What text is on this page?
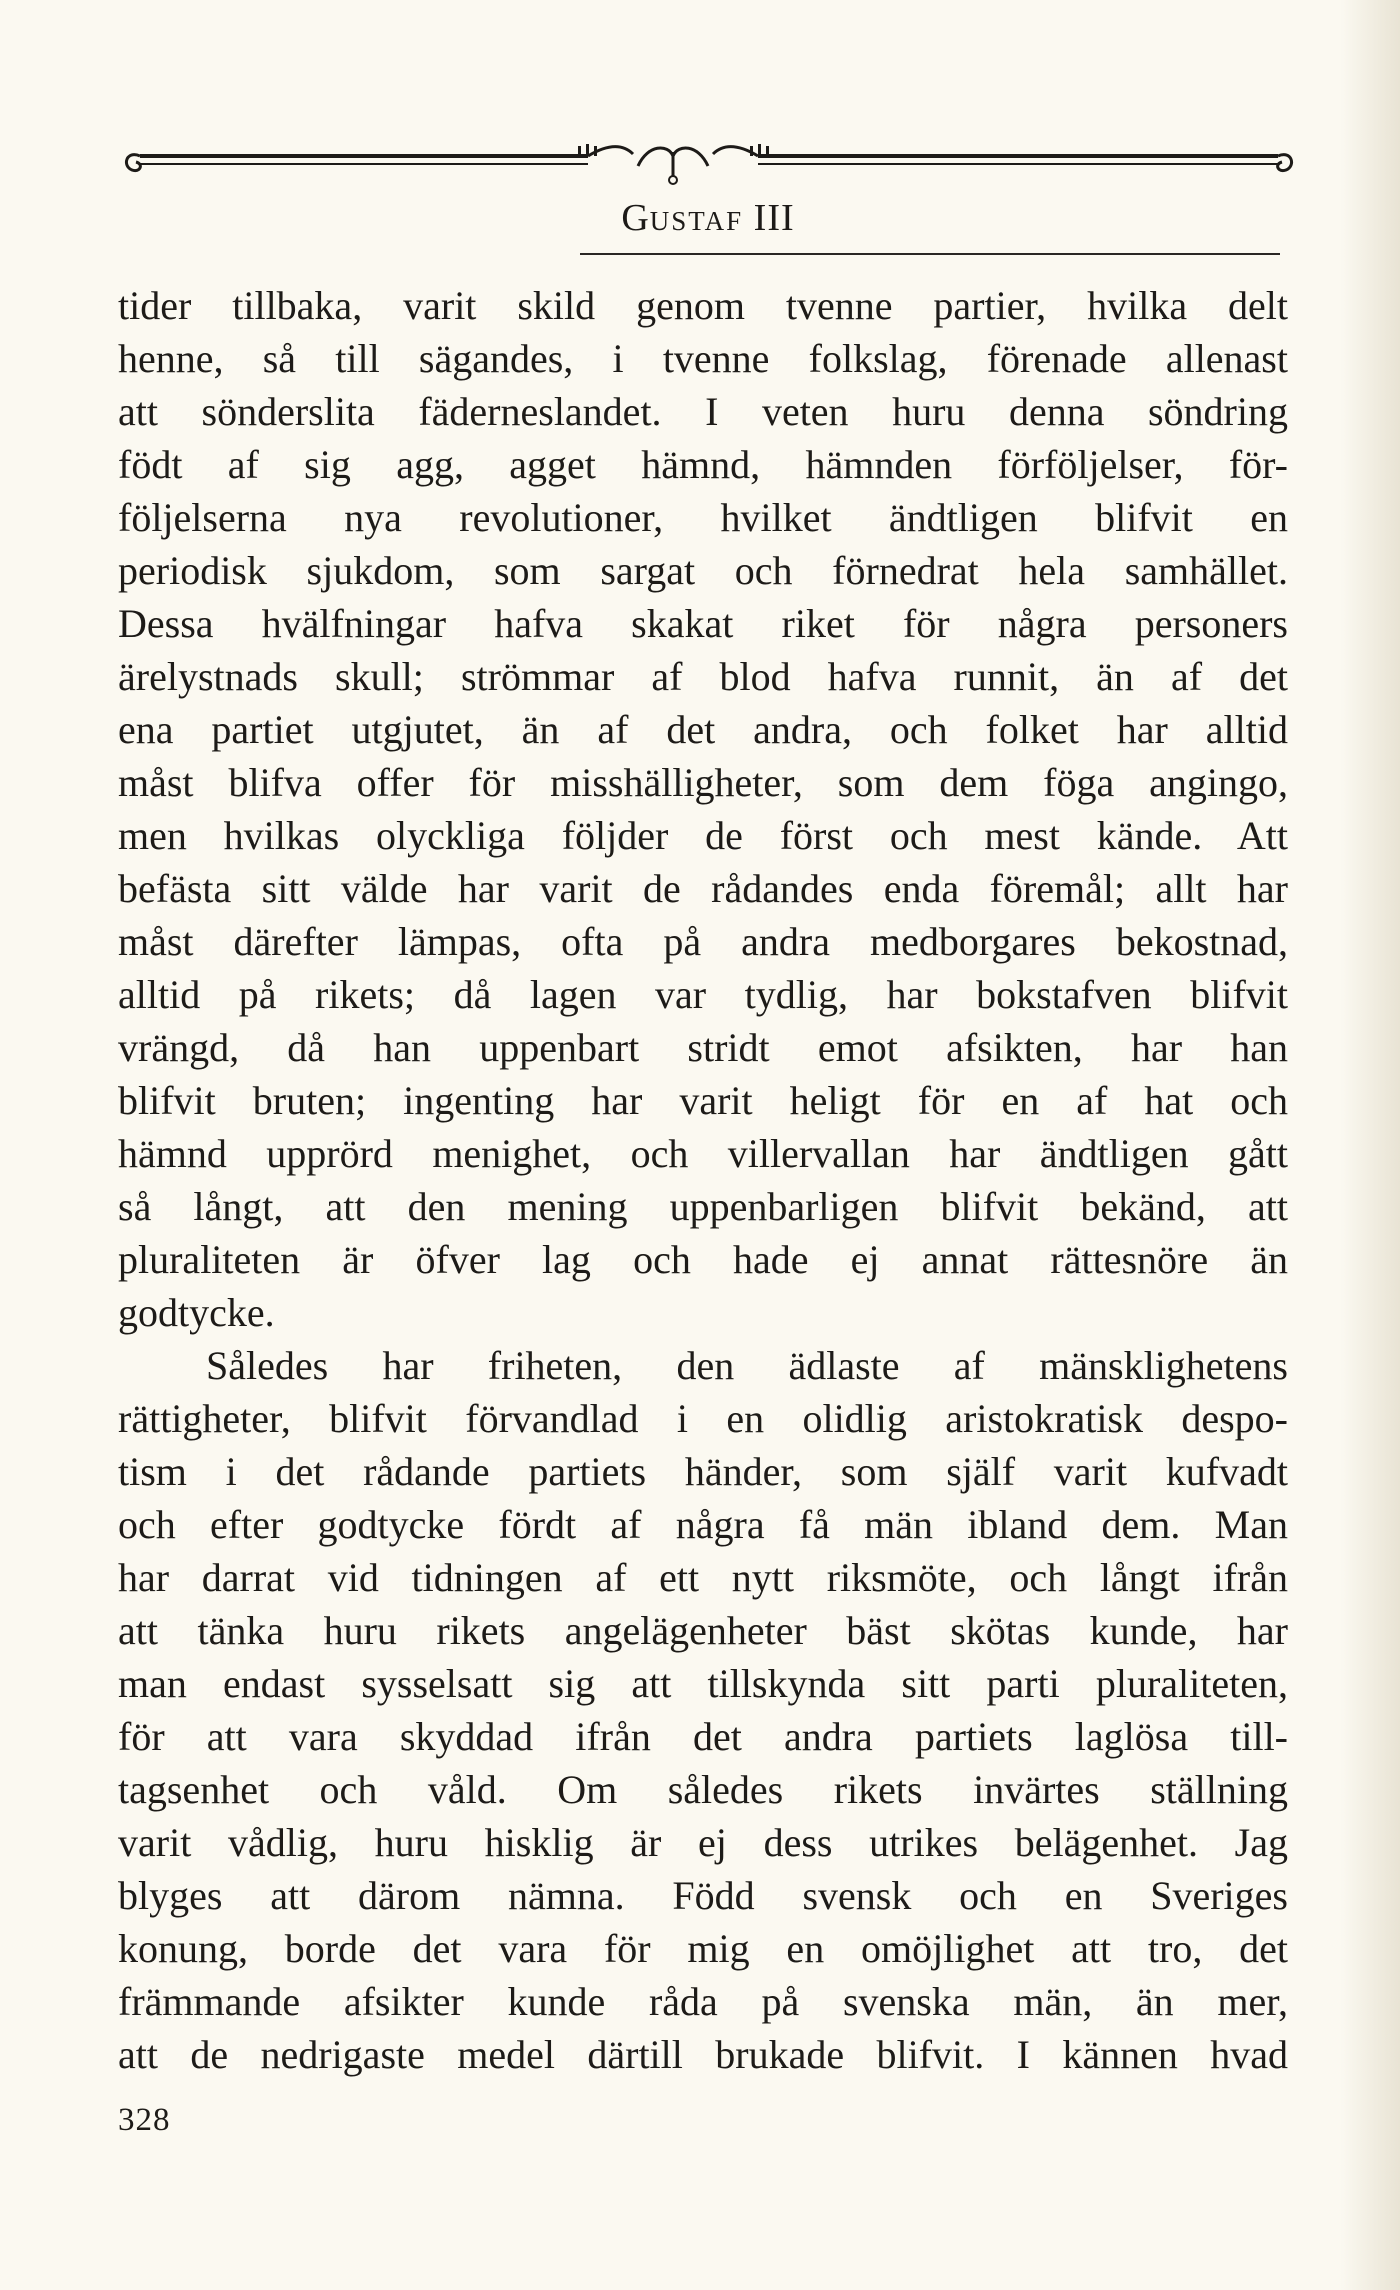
GUSTAF III
tider tillbaka, varit skild genom tvenne partier, hvilka delt
henne, så till sägandes, i tvenne folkslag, förenade allenast
att sönderslita fäderneslandet. I veten huru denna söndring
födt af sig agg, agget hämnd, hämnden förföljelser, för-
följelserna nya revolutioner, hvilket ändtligen blifvit en
periodisk sjukdom, som sargat och förnedrat hela samhället.
Dessa hvälfningar hafva skakat riket för några personers
ärelystnads skull; strömmar af blod hafva runnit, än af det
ena partiet utgjutet, än af det andra, och folket har alltid
måst blifva offer för misshälligheter, som dem föga angingo,
men hvilkas olyckliga följder de först och mest kände. Att
befästa sitt välde har varit de rådandes enda föremål; allt har
måst därefter lämpas, ofta på andra medborgares bekostnad,
alltid på rikets; då lagen var tydlig, har bokstafven blifvit
vrängd, då han uppenbart stridt emot afsikten, har han
blifvit bruten; ingenting har varit heligt för en af hat och
hämnd upprörd menighet, och villervallan har ändtligen gått
så långt, att den mening uppenbarligen blifvit bekänd, att
pluraliteten är öfver lag och hade ej annat rättesnöre än
godtycke.
Således har friheten, den ädlaste af mänsklighetens
rättigheter, blifvit förvandlad i en olidlig aristokratisk despo-
tism i det rådande partiets händer, som själf varit kufvadt
och efter godtycke fördt af några få män ibland dem. Man
har darrat vid tidningen af ett nytt riksmöte, och långt ifrån
att tänka huru rikets angelägenheter bäst skötas kunde, har
man endast sysselsatt sig att tillskynda sitt parti pluraliteten,
för att vara skyddad ifrån det andra partiets laglösa till-
tagsenhet och våld. Om således rikets invärtes ställning
varit vådlig, huru hisklig är ej dess utrikes belägenhet. Jag
blyges att därom nämna. Född svensk och en Sveriges
konung, borde det vara för mig en omöjlighet att tro, det
främmande afsikter kunde råda på svenska män, än mer,
att de nedrigaste medel därtill brukade blifvit. I kännen hvad
328
